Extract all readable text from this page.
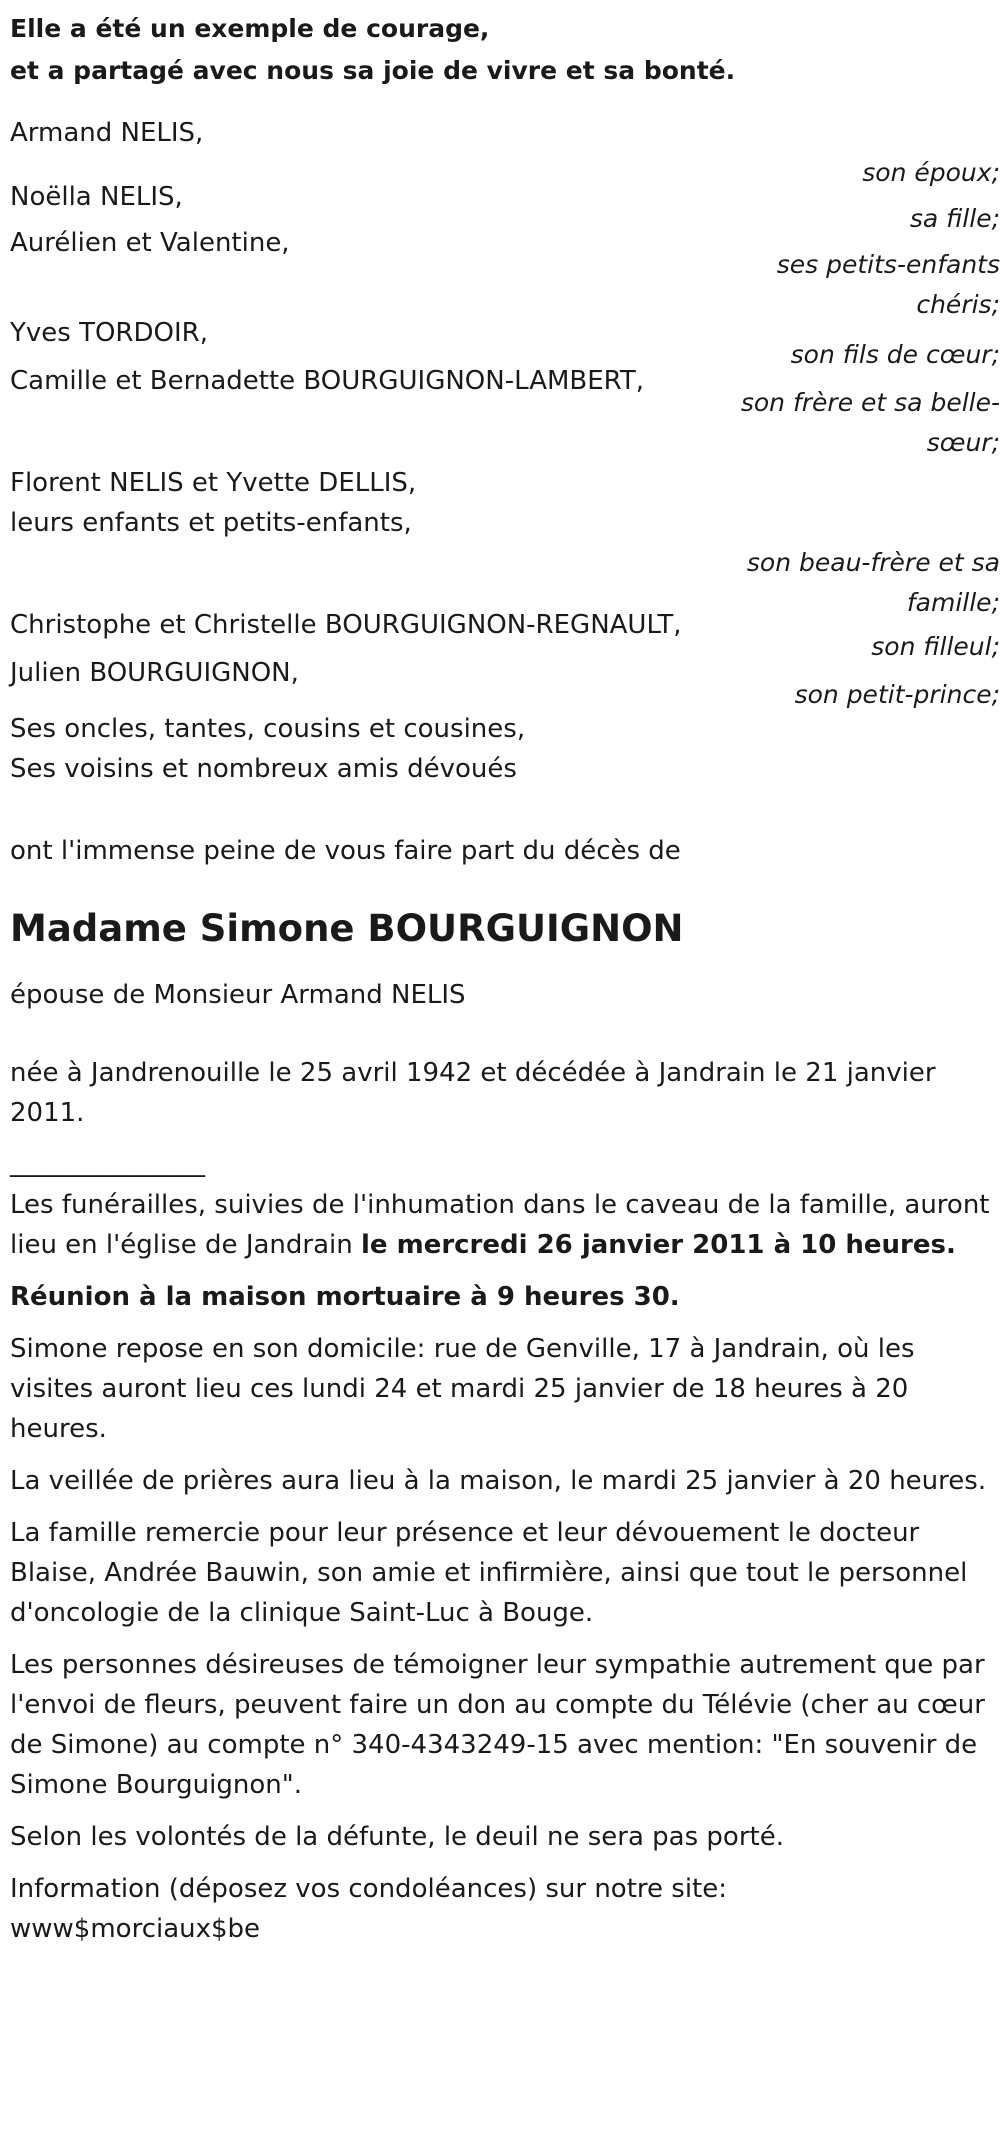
Elle a été un exemple de courage,

et a partagé avec nous sa joie de vivre et sa bonté.

Armand NELIS,
son époux;
Noëlla NELIS,
sa fille;
Aurélien et Valentine,
ses petits-enfants chéris;
Yves TORDOIR,
son fils de cœur;
Camille et Bernadette BOURGUIGNON-LAMBERT,
son frère et sa belle-sœur;
Florent NELIS et Yvette DELLIS,
leurs enfants et petits-enfants,
son beau-frère et sa famille;
Christophe et Christelle BOURGUIGNON-REGNAULT,
son filleul;
Julien BOURGUIGNON,
son petit-prince;
Ses oncles, tantes, cousins et cousines,
Ses voisins et nombreux amis dévoués

ont l'immense peine de vous faire part du décès de

Madame Simone BOURGUIGNON

épouse de Monsieur Armand NELIS

née à Jandrenouille le 25 avril 1942 et décédée à Jandrain le 21 janvier 2011.

_______________

Les funérailles, suivies de l'inhumation dans le caveau de la famille, auront lieu en l'église de Jandrain le mercredi 26 janvier 2011 à 10 heures.

Réunion à la maison mortuaire à 9 heures 30.

Simone repose en son domicile: rue de Genville, 17 à Jandrain, où les visites auront lieu ces lundi 24 et mardi 25 janvier de 18 heures à 20 heures.

La veillée de prières aura lieu à la maison, le mardi 25 janvier à 20 heures.

La famille remercie pour leur présence et leur dévouement le docteur Blaise, Andrée Bauwin, son amie et infirmière, ainsi que tout le personnel d'oncologie de la clinique Saint-Luc à Bouge.

Les personnes désireuses de témoigner leur sympathie autrement que par l'envoi de fleurs, peuvent faire un don au compte du Télévie (cher au cœur de Simone) au compte n° 340-4343249-15 avec mention: "En souvenir de Simone Bourguignon".

Selon les volontés de la défunte, le deuil ne sera pas porté.

Information (déposez vos condoléances) sur notre site:
www$morciaux$be
